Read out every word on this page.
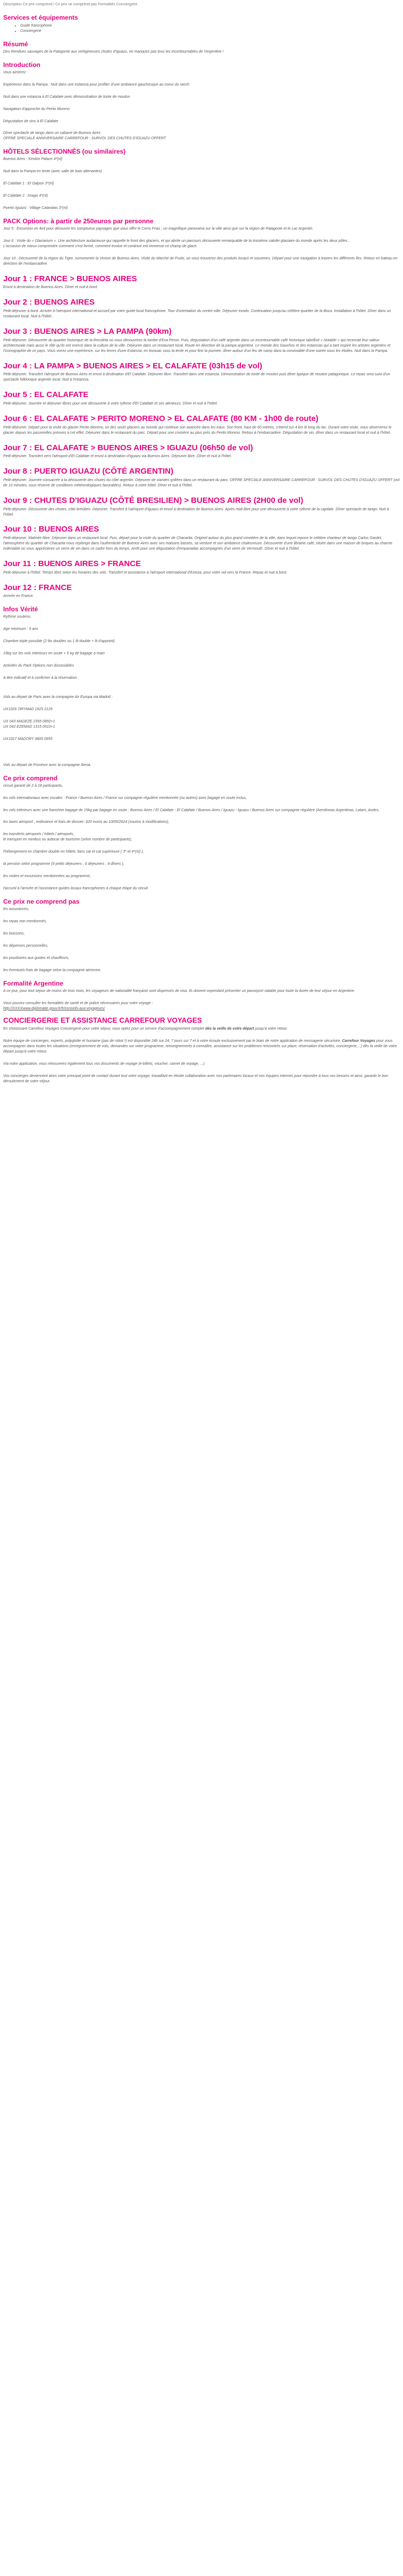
Description Ce prix comprend / Ce prix ne comprend pas Formalités Conciergerie

Services et équipements
• Guide francophone
• Conciergerie
Résumé

Des étendues sauvages de la Patagonie aux vertigineuses chutes d'Iguazu, ne manquez pas tous les incontournables de l'Argentine !

Introduction

Vous aimerez :

Expérience dans la Pampa : Nuit dans une estancia pour profiter d'une ambiance gauchesque au coeur du ranch

Nuit dans une estancia à El Calafate avec démonstration de tonte de mouton

Navigation d'approche du Perito Moreno

Dégustation de vins à El Calafate

Dîner spectacle de tango dans un cabaret de Buenos Aires

OFFRE SPECIALE ANNIVERSAIRE CARREFOUR : SURVOL DES CHUTES D'IGUAZU OFFERT

HÔTELS SÉLECTIONNÉS (ou similaires)

Buenos Aires : Kenton Palace 4*(nl)

Nuit dans la Pampa en tente (avec salle de bain attenantes)

El Calafate 1 : El Galpon 3*(nl)

El Calafate 2 : Imago 4*(nl)

Puerto Iguazú : Village Cataratas 3*(nl)

PACK Options: à partir de 250euros par personne

Jour 5 : Excursion en 4x4 pour découvrir les somptueux paysages que vous offre le Cerro Frias ; un magnifique panorama sur la ville ainsi que sur la région de Patagonie et le Lac Argentin.

Jour 6 : Visite du « Glaciarium ». Une architecture audacieuse qui rappelle le front des glaciers, et qui abrite un parcours découverte remarquable de la troisième calotte glaciaire du monde après les deux pôles…

L'occasion de mieux comprendre comment s'est formé, comment évolue et continue ent immense ce champ de glace.

Jour 10 : Découverte de la région du Tigre, surnommée la Venise de Buenos Aires. Visite du Marché de Fruits, où vous trouverez des produits locaux et souvenirs. Départ pour une navigation à travers les différents îles. Retour en bateau en direction de l'embarcadère.

Jour 1 : FRANCE > BUENOS AIRES

Envol à destination de Buenos Aires. Dîner et nuit à bord.

Jour 2 : BUENOS AIRES

Petit-déjeuner à bord. Arrivée à l'aéroport international et accueil par votre guide local francophone. Tour d'orientation du centre-ville. Déjeuner exodo. Continuation jusqu'au célèbre quartier de la Boca. Installation à l'hôtel. Dîner dans un restaurant local. Nuit à l'hôtel..

Jour 3 : BUENOS AIRES > LA PAMPA (90km)

Petit-déjeuner. Découverte du quartier historique de la Recoleta où vous découvrirez la tombe d'Eva Peron. Puis, dégustation d'un café argentin dans un incontournable café historique labellisé « Notable » qui recevrait leur valeur architecturale mais aussi le rôle qu'ils ont exercé dans la culture de la ville. Déjeuner dans un restaurant local. Route en direction de la pampa argentine. Le monde des Gauchos et des estancias qui a tant inspiré les artistes argentins et l'iconographie de ce pays. Vous vivrez une expérience, sur les terres d'une Estancia, en bivouac sous la tente et pour finir la journée, dîner autour d'un feu de camp dans la convivialité d'une soirée sous les étoiles. Nuit dans la Pampa.

Jour 4 : LA PAMPA > BUENOS AIRES > EL CALAFATE (03h15 de vol)

Petit-déjeuner. Transfert l'aéroport de Buenos Aires et envol à destination d'El Calafate. Déjeuner libre. Transfert dans une estancia. Démonstration de tonte de mouton puis dîner typique de mouton patagonique. Le repas sera suivi d'un spectacle folklorique argentin local. Nuit à l'estancia.

Jour 5 : EL CALAFATE

Petit-déjeuner. Journée et déjeuner libres pour une découverte à votre rythme d'El Calafate et ses alentours. Dîner et nuit à l'hôtel.

Jour 6 : EL CALAFATE > PERITO MORENO > EL CALAFATE (80 KM - 1h00 de route)

Petit-déjeuner. Départ pour la visite du glacier Perito Moreno, un des seuls glaciers au monde qui continue son avancée dans les eaux. Son front, haut de 60 mètres, s'étend sur 4 km le long du lac. Durant votre visite, vous observerez le glacier depuis les passerelles prévues à cet effet. Déjeuner dans le restaurant du parc. Départ pour une croisière au plus près du Perito Moreno. Retour à l'embarcadère. Dégustation de vin, dîner dans un restaurant local et nuit à l'hôtel.

Jour 7 : EL CALAFATE > BUENOS AIRES > IGUAZU (06h50 de vol)

Petit-déjeuner. Transfert vers l'aéroport d'El Calafate et envol à destination d'Iguazu via Buenos Aires. Déjeuner libre. Dîner et nuit à l'hôtel.

Jour 8 : PUERTO IGUAZU (CÔTÉ ARGENTIN)

Petit-déjeuner. Journée consacrée à la découverte des chutes du côté argentin. Déjeuner de viandes grillées dans un restaurant du parc. OFFRE SPECIALE ANNIVERSAIRE CARREFOUR : SURVOL DES CHUTES D'IGUAZU OFFERT (vol de 10 minutes, sous réserve de conditions météorologiques favorables). Retour à votre hôtel. Dîner et nuit à l'hôtel.

Jour 9 : CHUTES D'IGUAZU (CÔTÉ BRESILIEN) > BUENOS AIRES (2H00 de vol)

Petit-déjeuner. Découverte des chutes, côté brésilien. Déjeuner. Transfert à l'aéroport d'Iguazu et envol à destination de Buenos Aires. Après midi libre pour une découverte à votre rythme de la capitale. Dîner spectacle de tango. Nuit à l'hôtel.

Jour 10 : BUENOS AIRES

Petit-déjeuner. Matinée libre. Déjeuner dans un restaurant local. Puis, départ pour la visite du quartier de Chacarita. Originel autour du plus grand cimetière de la ville, dans lequel repose le célèbre chanteur de tango Carlos Gardel, l'atmosphère du quartier de Chacarita nous replonge dans l'authenticité de Buenos Aires avec ses maisons basses, sa verdure et son ambiance chaleureuse. Découverte d'une librairie café, située dans une maison de briques au charme indéniable où vous apprécierez un verre de vin dans ce cadre hors du temps. Arrêt pour une dégustation d'empanadas accompagnés d'un verre de Vermouth. Dîner et nuit à l'hôtel.

Jour 11 : BUENOS AIRES > FRANCE

Petit-déjeuner à l'hôtel. Temps libre selon les horaires des vols. Transfert et assistance à l'aéroport international d'Ezeiza, pour votre vol vers la France. Repas et nuit à bord.

Jour 12 : FRANCE

Arrivée en France.

Infos Vérité

Rythme soutenu.

Age minimum : 9 ans

Chambre triple possible (2 lits doubles ou 1 lit double + lit d'appoint)

15kg sur les vols intérieurs en soute + 5 kg de bagage à main

Activités du Pack Options non dissociables

A titre indicatif et à confirmer à la réservation :

Vols au départ de Paris avec la compagnie Air Europa via Madrid :

UX1026 ORYMAD 1925 2125

UX 043 MADEZE 2355 0850+1

UX 042 EZEMAD 1315 0510+1

UX1027 MADORY 0800 0955

Vols au départ de Province avec la compagnie Iberia.

Ce prix comprend

circuit garanti de 2 à 18 participants,

les vols internationaux avec escales : France / Buenos Aires / France sur compagnie régulière mentionnée (ou autres) avec bagage en soute inclus,

les vols intérieurs avec une franchise bagage de 15kg par bagage en soute : Buenos Aires / El Calafate - El Calafate / Buenos Aires / Iguazu - Iguazu / Buenos Aires sur compagnie régulière (Aerolineas Argentinas, Latam, Andes,

les taxes aéroport , redevance et frais de dossier: 620 euros au 10/05/2024 (soumis à modifications),

les transferts aéroports / hôtels / aéroports,

le transport en minibus ou autocar de tourisme (selon nombre de participants),

l'hébergement en chambre double en hôtels 3ans cat et cat supérieure ( 3* et 4*(nl) ),

la pension selon programme (9 petits déjeuners , 6 déjeuners , 9 dîners ),

les visites et excursions mentionnées au programme,

l'accueil à l'arrivée et l'assistance guides locaux francophones à chaque étape du circuit.

Ce prix ne comprend pas

les assurances,

les repas non mentionnés,

les boissons,

les dépenses personnelles,

les pourboires aux guides et chauffeurs,

les éventuels frais de bagage selon la compagnie aérienne.

Formalité Argentine

A ce jour, pour tout séjour de moins de trois mois, les voyageurs de nationalité française sont dispensés de visa. Ils doivent cependant présenter un passeport valable pour toute la durée de leur séjour en Argentine.

Vous pouvez consulter les formalités de santé et de police nécessaires pour votre voyage :

http://XXXXwww.diplomatie.gouv.fr/fr/conseils-aux-voyageurs/

CONCIERGERIE ET ASSISTANCE CARREFOUR VOYAGES

En choisissant Carrefour Voyages Conciergerie pour votre séjour, vous optez pour un service d'accompagnement complet dès la veille de votre départ jusqu'à votre retour.

Notre équipe de concierges, experts, polyglotte et humaine (pas de robot !) est disponible 24h sur 24, 7 jours sur 7 et à votre écoute exclusivement par le biais de notre application de messagerie sécurisée, Carrefour Voyages pour vous accompagner dans toutes les situations (enregistrement de vols, demandes sur votre programme, renseignements à connaître, assistance sur les problèmes rencontrés sur place, réservation d'activités, conciergerie,...) dès la veille de votre départ jusqu'à votre retour.

Via notre application, vous retrouverez également tous vos documents de voyage (e-billets, voucher, carnet de voyage, ...)

Vos concierges deviennent alors votre principal point de contact durant tout votre voyage, travaillant en étroite collaboration avec nos partenaires locaux et nos équipes internes pour répondre à tous vos besoins et ainsi, garantir le bon déroulement de votre séjour.
